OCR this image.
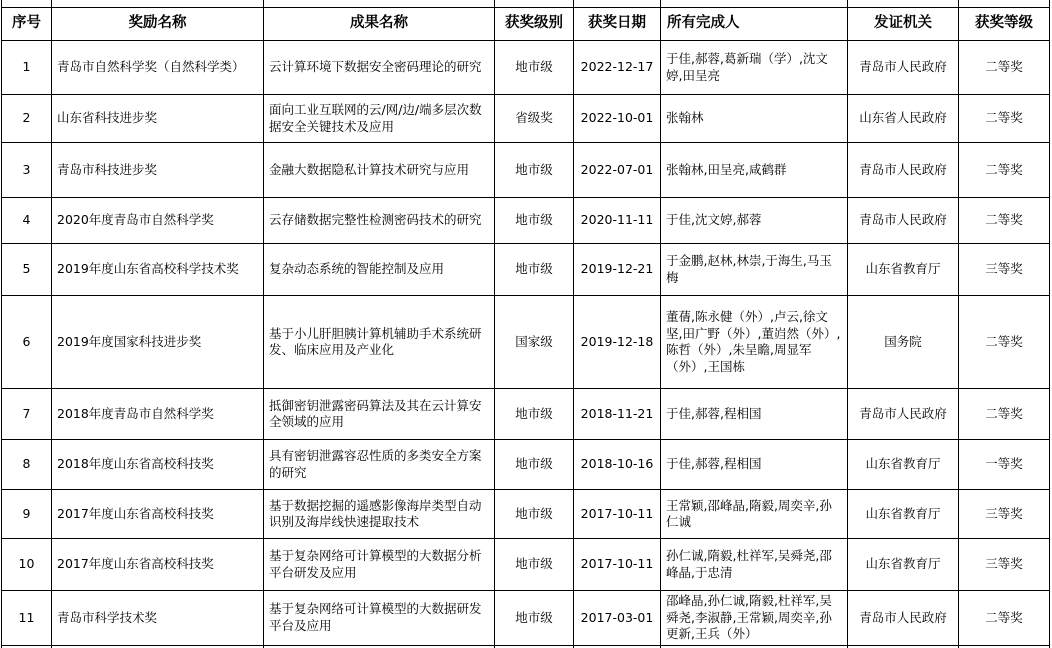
序号	奖励名称	成果名称	获奖级别	获奖日期	所有完成人	发证机关	获奖等级
1	青岛市自然科学奖（自然科学类）	云计算环境下数据安全密码理论的研究	地市级	2022-12-17	于佳,郝蓉,葛新瑞（学）,沈文婷,田呈亮	青岛市人民政府	二等奖
2	山东省科技进步奖	面向工业互联网的云/网/边/端多层次数据安全关键技术及应用	省级奖	2022-10-01	张翰林	山东省人民政府	二等奖
3	青岛市科技进步奖	金融大数据隐私计算技术研究与应用	地市级	2022-07-01	张翰林,田呈亮,咸鹤群	青岛市人民政府	二等奖
4	2020年度青岛市自然科学奖	云存储数据完整性检测密码技术的研究	地市级	2020-11-11	于佳,沈文婷,郝蓉	青岛市人民政府	二等奖
5	2019年度山东省高校科学技术奖	复杂动态系统的智能控制及应用	地市级	2019-12-21	于金鹏,赵林,林崇,于海生,马玉梅	山东省教育厅	三等奖
6	2019年度国家科技进步奖	基于小儿肝胆胰计算机辅助手术系统研发、临床应用及产业化	国家级	2019-12-18	董蒨,陈永健（外）,卢云,徐文坚,田广野（外）,董岿然（外）,陈哲（外）,朱呈瞻,周显军（外）,王国栋	国务院	二等奖
7	2018年度青岛市自然科学奖	抵御密钥泄露密码算法及其在云计算安全领域的应用	地市级	2018-11-21	于佳,郝蓉,程相国	青岛市人民政府	二等奖
8	2018年度山东省高校科技奖	具有密钥泄露容忍性质的多类安全方案的研究	地市级	2018-10-16	于佳,郝蓉,程相国	山东省教育厅	一等奖
9	2017年度山东省高校科技奖	基于数据挖掘的遥感影像海岸类型自动识别及海岸线快速提取技术	地市级	2017-10-11	王常颖,邵峰晶,隋毅,周奕辛,孙仁诚	山东省教育厅	三等奖
10	2017年度山东省高校科技奖	基于复杂网络可计算模型的大数据分析平台研发及应用	地市级	2017-10-11	孙仁诚,隋毅,杜祥军,吴舜尧,邵峰晶,于忠清	山东省教育厅	三等奖
11	青岛市科学技术奖	基于复杂网络可计算模型的大数据研发平台及应用	地市级	2017-03-01	邵峰晶,孙仁诚,隋毅,杜祥军,吴舜尧,李淑静,王常颖,周奕辛,孙更新,王兵（外）	青岛市人民政府	二等奖
